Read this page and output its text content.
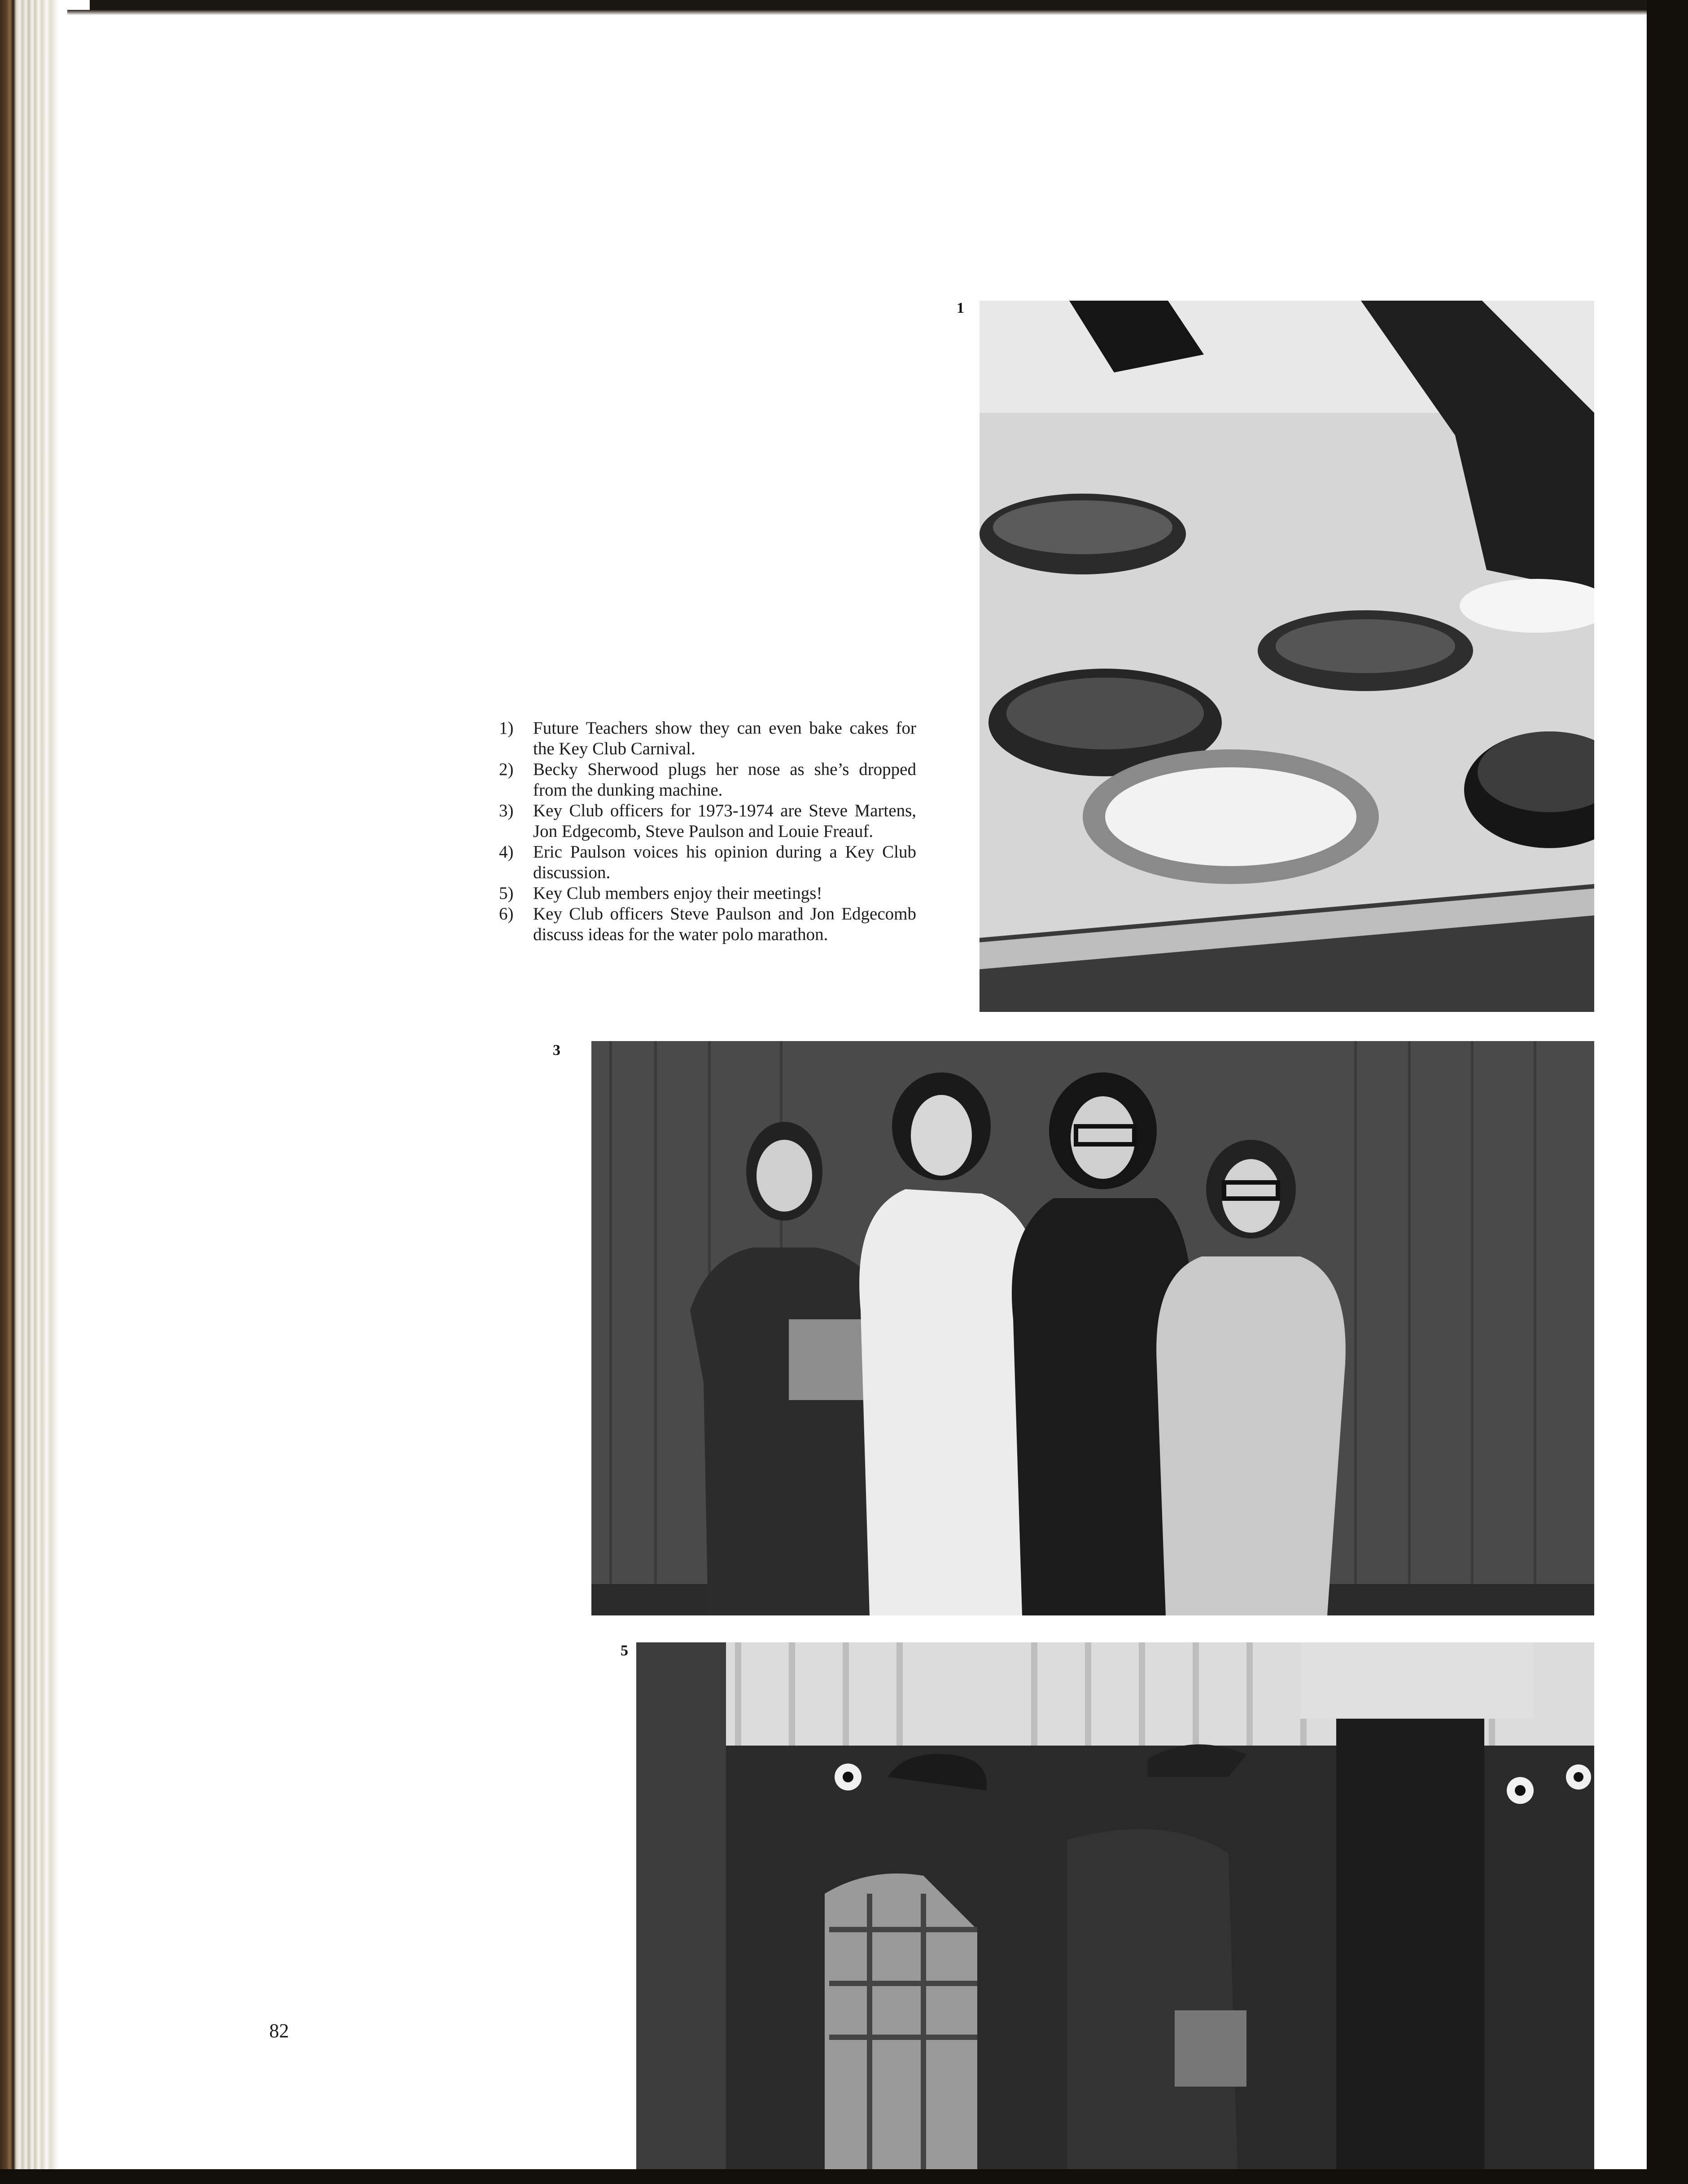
1
1) Future Teachers show they can even bake cakes for the Key Club Carnival.
2) Becky Sherwood plugs her nose as she’s dropped from the dunking machine.
3) Key Club officers for 1973-1974 are Steve Martens, Jon Edgecomb, Steve Paulson and Louie Freauf.
4) Eric Paulson voices his opinion during a Key Club discussion.
5) Key Club members enjoy their meetings!
6) Key Club officers Steve Paulson and Jon Edgecomb discuss ideas for the water polo marathon.
3
5
82
